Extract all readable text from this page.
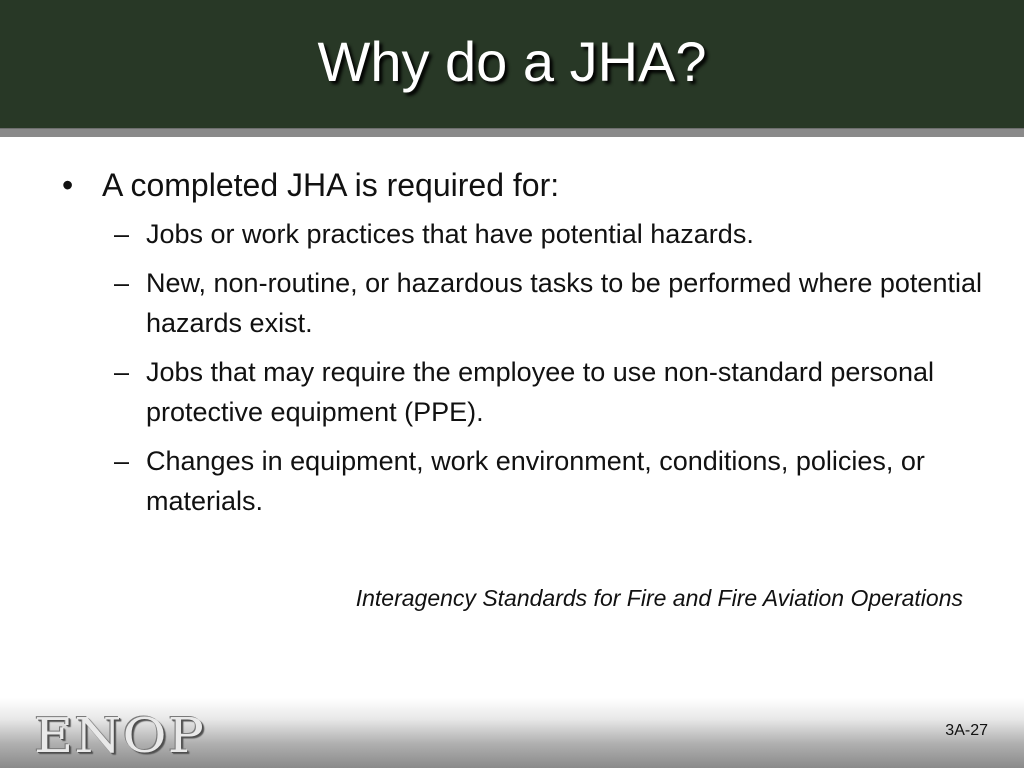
Why do a JHA?
• A completed JHA is required for:
– Jobs or work practices that have potential hazards.
– New, non-routine, or hazardous tasks to be performed where potential hazards exist.
– Jobs that may require the employee to use non-standard personal protective equipment (PPE).
– Changes in equipment, work environment, conditions, policies, or materials.
Interagency Standards for Fire and Fire Aviation Operations
ENOP	3A-27
